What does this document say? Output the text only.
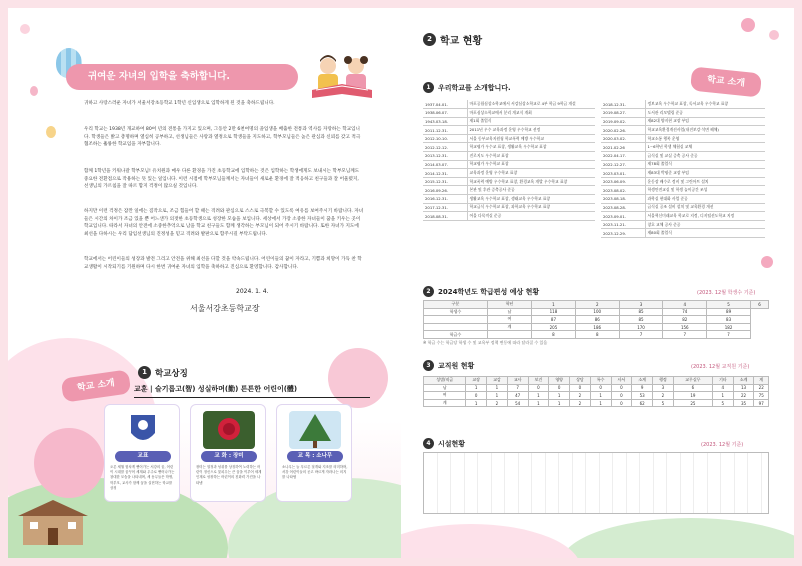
귀여운 자녀의 입학을 축하합니다.

귀하고 사랑스러운 자녀가 서울서강초등학교 1학년 신입생으로 입학하게 된 것을 축하드립니다.

우리 학교는 1938년 개교하여 80여 년의 전통을 가지고 있으며, 그동안 2만 6천여명의 졸업생을 배출한 전통과 역사를 자랑하는 학교입니다. 학생들은 밝고 총명하며 열심히 공부하고, 선생님들은 사랑과 열정으로 학생들을 지도하고, 학부모님들은 높은 관심과 신뢰를 갖고 적극 협조하는 훌륭한 학교임을 자부합니다.

함께 1학년을 키워나갈 학부모님! 유치원과 매우 다른 환경을 가진 초등학교에 입학하는 것은 입학하는 학생에게도 보내시는 학부모님께도 중요한 전환점으로 작용하는 뜻 있는 일입니다. 이런 시점에 학부모님들께서는 자녀들이 새로운 환경에 잘 적응하고 친구들과 잘 어울렸지, 선생님의 가르침을 잘 따르 함지 걱정이 많으실 것입니다.

하지만 이런 걱정은 잠깐 일에는 짐작으로, 조금 힘들어 할 때는 격려와 관심으로 스스로 극복할 수 있도록 여유를 보여주시기 바랍니다. 자녀들은 시간의 차이가 조금 있을 뿐 어느샌가 의젓한 초등학생으로 성장한 모습을 보입니다. 세상에서 가장 소중한 자녀들이 꿈을 키우는 곳이 학교입니다. 따라서 자녀의 안전에 소중한추억으로 남을 학교 친구들도 함께 생각하는 부모님이 되어 주시기 바랍니다. 또한 자녀가 지도에 최선을 다하시는 우리 담임선생님의 진정성을 믿고 격려와 발판으로 함주시길 부탁드립니다.

학교에서는 어린이들의 성장과 발전 그리고 안전을 위해 최선을 다할 것을 약속드립니다. 어린이들의 꿈이 자라고, 기쁨과 희망이 가득 찬 학교생활이 시작되기를 기원하며 다시 한번 귀여운 자녀의 입학을 축하하고 진심으로 환영합니다. 감사합니다.

2024. 1. 4.
서울서강초등학교장
학교 소개
1 학교상징
교훈 | 슬기롭고(智) 성실하며(勤) 튼튼한 어린이(體)
교표
오른 세월 힘차게 뻗어가는 서강의 꿈, 어린이 시대를 꿈꾸어 세계와 우주로 뻗어나가는 창대한 모습을 나타내며, 세 동무들은 학생, 학부모, 교사가 함께 꿈을 실현하는 학교를 상징
교 화 : 장미
장미는 열정과 성취를 상징하여 노력하는 어린이 정신으로 꽃피우는 큰 꿈을 이루어 세계 인재로 성장하는 어린이의 친화력 가진을 나타냄
교 목 : 소나무
소나무는 늘 푸르른 절개와 지조를 의미하며, 서강 어린이들의 곧고 바르게 자라나는 의지를 나타냄
2 학교 현황
학교 소개
1	우리학교를 소개합니다.
1937.04.01.	마포공립심상소학교에서 서강심상소학교로 4부 학급 9학급 개설
1938.06.07.	마포심상소학교에서 분리 개교식 개최
1943.03.18.	제1회 졸업식
2011.12.31.	2011년 우수 교육과정 운영 우수학교 선정
2012.10.10.	서울 동부교육지원청 학교폭력 예방 우수학교
2012.12.12.	학교평가 우수교 표창, 생활교육 우수학교 표창
2013.12.31.	진로지도 우수학교 표창
2014.03.07.	학교평가 우수학교 표창
2014.12.31.	교육과정 운영 우수학교 표창
2015.12.31.	학교폭력 예방 우수학교 표창, 환경교육 개발 우수학교 표창
2016.09.26.	본관 및 후관 증축공사 준공
2016.12.31.	생활교육 우수학교 표창, 생태교육 우수학교 표창
2017.12.31.	학교급식 우수학교 표창, 과학교육 우수학교 표창
2018.08.31.	어울 다목적실 준공
2018.12.31.	정보교육 우수학교 표창, 독서교육 우수학교 표창
2019.08.27.	도서관 리모델링 준공
2019.09.02.	제82대 양지현 교장 부임
2020.02.26.	학교교육환경개선사업(내진보강·석면 해체)
2020.03.02.	학교소통 행복 운영
2021.02.26	1~6학년 학생 체험실 교체
2022.04.17.	급식실 및 교실 증축 공사 준공
2022.12.27.	제78회 졸업식
2023.03.01.	제83대 박평준 교장 부임
2023.06.09.	운동장 배수로 정비 및 그린아트 설치
2023.08.02.	학생안전교실 및 학생 놀이공간 조성
2023.08.18.	과학실 현대화 사업 준공
2023.08.28.	급식실 공조 설비 설치 및 교육환경 개선
2023.09.01.	서울혁신미래교육 학교로 지정, 디지털선도학교 지정
2023.11.21.	창호 교체 공사 준공
2023.12.29.	제80회 졸업식
2	2024학년도 학급편성 예상 현황	(2023. 12월 학생수 기준)
구분	학년	1	2	3	4	5	6
학생수	남	118	100	85	74	89	
	여	87	86	85	82	83	
	계	205	186	170	156	182	
학급수		8	8	7	7	7	
※ 학급 수는 학급당 학생 수 및 교육부 정책 변동에 따라 달라질 수 있음
3	교직원 현황	(2023. 12월 교직원 기준)
성별/직급	교장	교감	교사	보건	영양	상담	특수	사서	소계	행정	교무실무	기타	소계	계
남	1	1	7	0	0	0	0	0	9	3	6	4	13	22
여	0	1	47	1	1	2	1	0	53	2	19	1	22	75
계	1	2	54	1	1	2	1	0	62	5	25	5	35	97
4	시설현황	(2023. 12월 기준)
